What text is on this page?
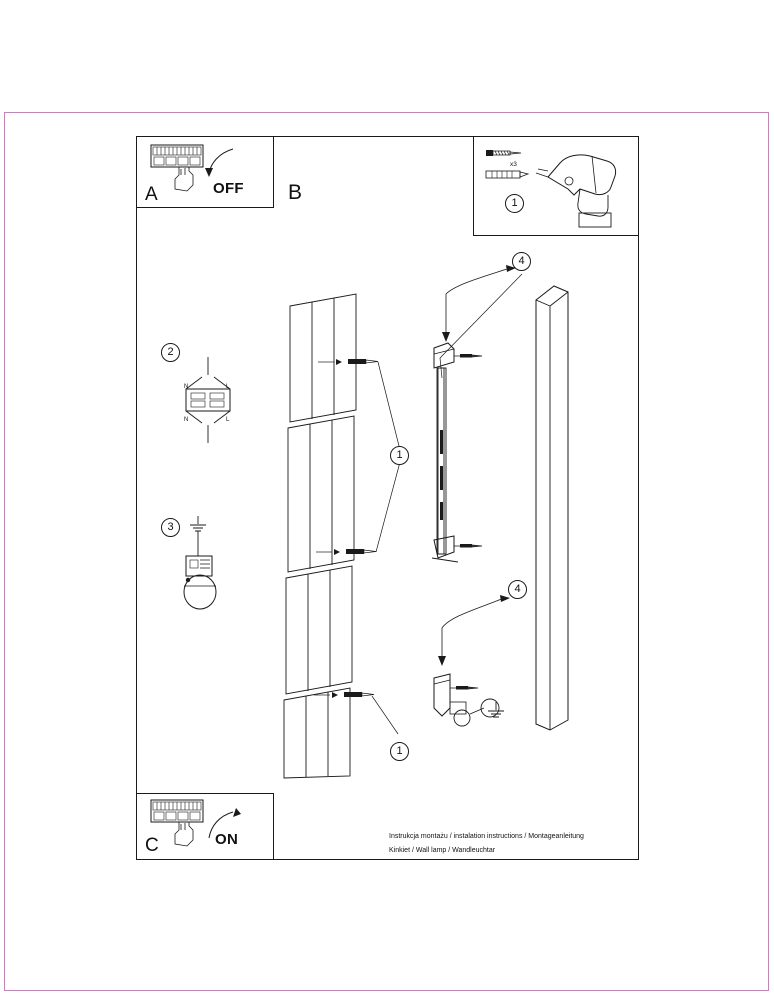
A	OFF B
x3
1
2
N	L
N	L
3
1
1
4
4
C	ON	Instrukcja montażu / instalation instructions / Montageanleitung
Kinkiet / Wall lamp / Wandleuchtar
